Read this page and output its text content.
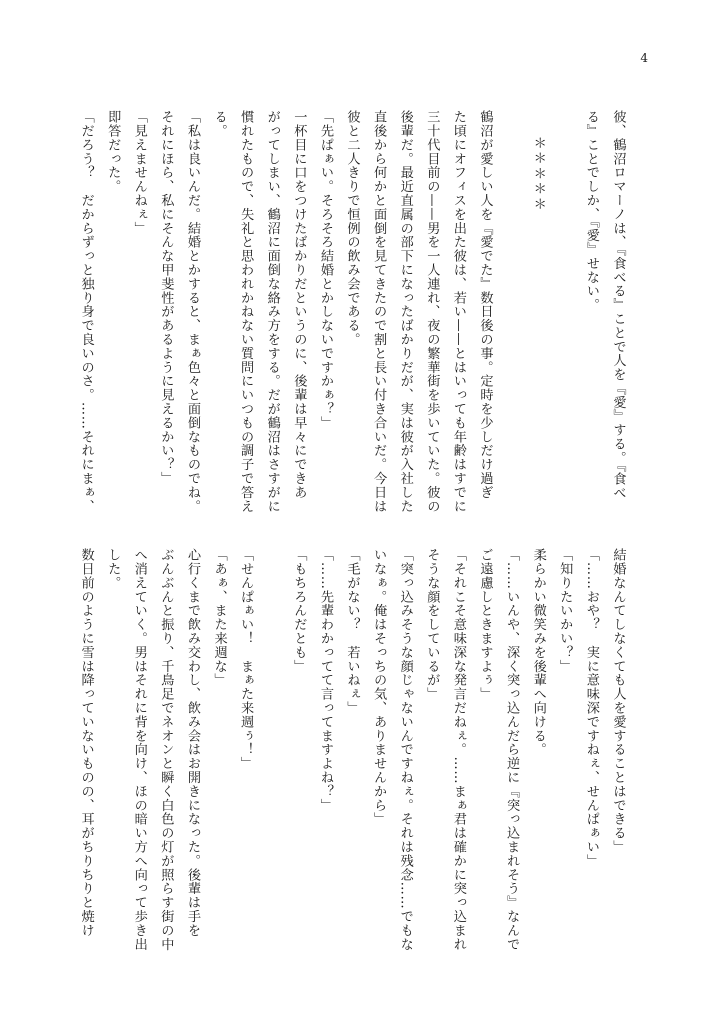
4
彼、鶴沼ロマーノは、『食べる』ことで人を『愛』する。『食べ
る』ことでしか、『愛』せない。

＊＊＊＊＊

鶴沼が愛しい人を『愛でた』数日後の事。定時を少しだけ過ぎ
た頃にオフィスを出た彼は、若い——とはいっても年齢はすでに
三十代目前の——男を一人連れ、夜の繁華街を歩いていた。彼の
後輩だ。最近直属の部下になったばかりだが、実は彼が入社した
直後から何かと面倒を見てきたので割と長い付き合いだ。今日は
彼と二人きりで恒例の飲み会である。
「先ぱぁい。そろそろ結婚とかしないですかぁ？」
一杯目に口をつけたばかりだというのに、後輩は早々にできあ
がってしまい、鶴沼に面倒な絡み方をする。だが鶴沼はさすがに
慣れたもので、失礼と思われかねない質問にいつもの調子で答え
る。
「私は良いんだ。結婚とかすると、まぁ色々と面倒なものでね。
それにほら、私にそんな甲斐性があるように見えるかい？」
「見えませんねぇ」
即答だった。
「だろう？　だからずっと独り身で良いのさ。……それにまぁ、
結婚なんてしなくても人を愛することはできる」
「……おや？　実に意味深ですねぇ、せんぱぁい」
「知りたいかい？」
柔らかい微笑みを後輩へ向ける。
「……いんや、深く突っ込んだら逆に『突っ込まれそう』なんで
ご遠慮しときますよぅ」
「それこそ意味深な発言だねぇ。……まぁ君は確かに突っ込まれ
そうな顔をしているが」
「突っ込みそうな顔じゃないんですねぇ。それは残念……でもな
いなぁ。俺はそっちの気、ありませんから」
「毛がない？　若いねぇ」
「……先輩わかってて言ってますよね？」
「もちろんだとも」

「せんぱぁい！　まぁた来週ぅ！」
「あぁ、また来週な」
心行くまで飲み交わし、飲み会はお開きになった。後輩は手を
ぶんぶんと振り、千鳥足でネオンと瞬く白色の灯が照らす街の中
へ消えていく。男はそれに背を向け、ほの暗い方へ向って歩き出
した。
数日前のように雪は降っていないものの、耳がちりちりと焼け
